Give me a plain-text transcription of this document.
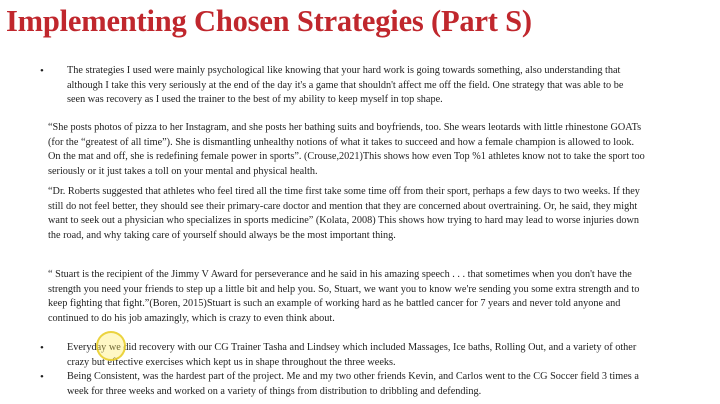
Implementing Chosen Strategies (Part S)
• The strategies I used were mainly psychological like knowing that your hard work is going towards something, also understanding that although I take this very seriously at the end of the day it's a game that shouldn't affect me off the field. One strategy that was able to be seen was recovery as I used the trainer to the best of my ability to keep myself in top shape.
“She posts photos of pizza to her Instagram, and she posts her bathing suits and boyfriends, too. She wears leotards with little rhinestone GOATs (for the “greatest of all time”). She is dismantling unhealthy notions of what it takes to succeed and how a female champion is allowed to look. On the mat and off, she is redefining female power in sports”. (Crouse,2021)This shows how even Top %1 athletes know not to take the sport too seriously or it just takes a toll on your mental and physical health.
“Dr. Roberts suggested that athletes who feel tired all the time first take some time off from their sport, perhaps a few days to two weeks. If they still do not feel better, they should see their primary-care doctor and mention that they are concerned about overtraining. Or, he said, they might want to seek out a physician who specializes in sports medicine” (Kolata, 2008) This shows how trying to hard may lead to worse injuries down the road, and why taking care of yourself should always be the most important thing.
“ Stuart is the recipient of the Jimmy V Award for perseverance and he said in his amazing speech . . . that sometimes when you don't have the strength you need your friends to step up a little bit and help you. So, Stuart, we want you to know we're sending you some extra strength and to keep fighting that fight.”(Boren, 2015)Stuart is such an example of working hard as he battled cancer for 7 years and never told anyone and continued to do his job amazingly, which is crazy to even think about.
• Everyday we did recovery with our CG Trainer Tasha and Lindsey which included Massages, Ice baths, Rolling Out, and a variety of other crazy but effective exercises which kept us in shape throughout the three weeks.
• Being Consistent, was the hardest part of the project. Me and my two other friends Kevin, and Carlos went to the CG Soccer field 3 times a week for three weeks and worked on a variety of things from distribution to dribbling and defending.
